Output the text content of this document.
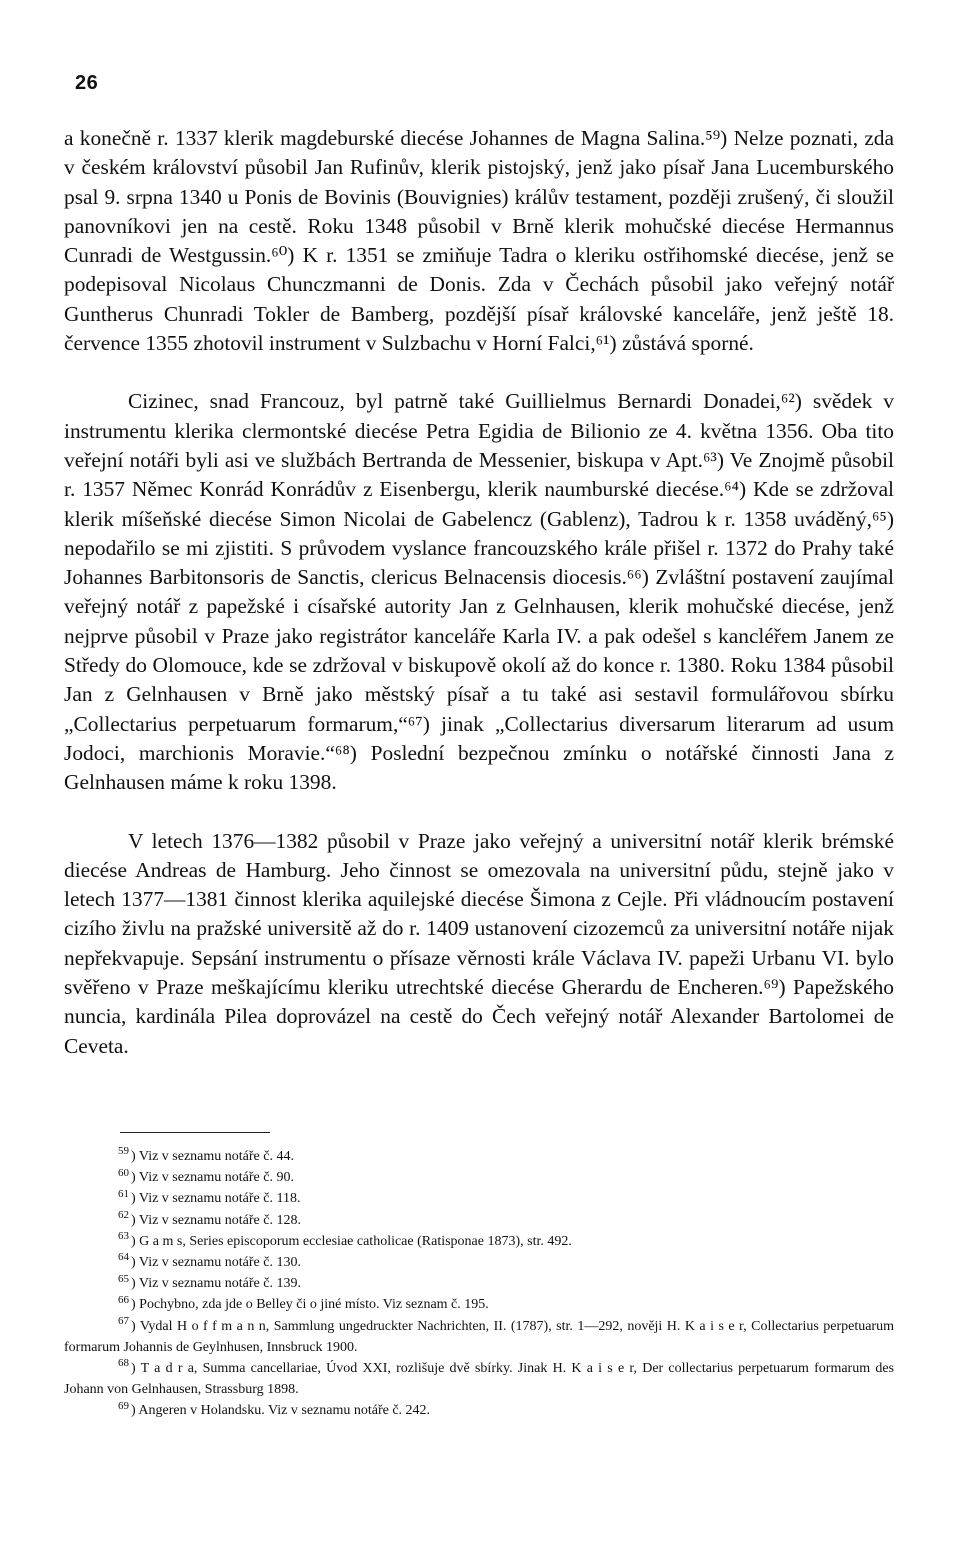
26

a konečně r. 1337 klerik magdeburské diecése Johannes de Magna Salina.⁵⁹) Nelze poznati, zda v českém království působil Jan Rufinův, klerik pistojský, jenž jako písař Jana Lucemburského psal 9. srpna 1340 u Ponis de Bovinis (Bouvignies) králův testament, později zrušený, či sloužil panovníkovi jen na cestě. Roku 1348 působil v Brně klerik mohučské diecése Hermannus Cunradi de Westgussin.⁶⁰) K r. 1351 se zmiňuje Tadra o kleriku ostřihomské diecése, jenž se podepisoval Nicolaus Chunczmanni de Donis. Zda v Čechách působil jako veřejný notář Guntherus Chunradi Tokler de Bamberg, pozdější písař královské kanceláře, jenž ještě 18. července 1355 zhotovil instrument v Sulzbachu v Horní Falci,⁶¹) zůstává sporné.

Cizinec, snad Francouz, byl patrně také Guillielmus Bernardi Donadei,⁶²) svědek v instrumentu klerika clermontské diecése Petra Egidia de Bilionio ze 4. května 1356. Oba tito veřejní notáři byli asi ve službách Bertranda de Messenier, biskupa v Apt.⁶³) Ve Znojmě působil r. 1357 Němec Konrád Konrádův z Eisenbergu, klerik naumburské diecése.⁶⁴) Kde se zdržoval klerik míšeňské diecése Simon Nicolai de Gabelencz (Gablenz), Tadrou k r. 1358 uváděný,⁶⁵) nepodařilo se mi zjistiti. S průvodem vyslance francouzského krále přišel r. 1372 do Prahy také Johannes Barbitonsoris de Sanctis, clericus Belnacensis diocesis.⁶⁶) Zvláštní postavení zaujímal veřejný notář z papežské i císařské autority Jan z Gelnhausen, klerik mohučské diecése, jenž nejprve působil v Praze jako registrátor kanceláře Karla IV. a pak odešel s kancléřem Janem ze Středy do Olomouce, kde se zdržoval v biskupově okolí až do konce r. 1380. Roku 1384 působil Jan z Gelnhausen v Brně jako městský písař a tu také asi sestavil formulářovou sbírku „Collectarius perpetuarum formarum,“⁶⁷) jinak „Collectarius diversarum literarum ad usum Jodoci, marchionis Moravie.“⁶⁸) Poslední bezpečnou zmínku o notářské činnosti Jana z Gelnhausen máme k roku 1398.

V letech 1376—1382 působil v Praze jako veřejný a universitní notář klerik brémské diecése Andreas de Hamburg. Jeho činnost se omezovala na universitní půdu, stejně jako v letech 1377—1381 činnost klerika aquilejské diecése Šimona z Cejle. Při vládnoucím postavení cizího živlu na pražské universitě až do r. 1409 ustanovení cizozemců za universitní notáře nijak nepřekvapuje. Sepsání instrumentu o přísaze věrnosti krále Václava IV. papeži Urbanu VI. bylo svěřeno v Praze meškajícímu kleriku utrechtské diecése Gherardu de Encheren.⁶⁹) Papežského nuncia, kardinála Pilea doprovázel na cestě do Čech veřejný notář Alexander Bartolomei de Ceveta.

$^{59}$ ) Viz v seznamu notáře č. 44.

$^{60}$ ) Viz v seznamu notáře č. 90.

$^{61}$ ) Viz v seznamu notáře č. 118.

$^{62}$ ) Viz v seznamu notáře č. 128.

$^{63}$ ) G a m s, Series episcoporum ecclesiae catholicae (Ratisponae 1873), str. 492.

$^{64}$ ) Viz v seznamu notáře č. 130.

$^{65}$ ) Viz v seznamu notáře č. 139.

$^{66}$ ) Pochybno, zda jde o Belley či o jiné místo. Viz seznam č. 195.

$^{67}$ ) Vydal H o f f m a n n, Sammlung ungedruckter Nachrichten, II. (1787), str. 1—292, nověji H. K a i s e r, Collectarius perpetuarum formarum Johannis de Geylnhusen, Innsbruck 1900.

$^{68}$ ) T a d r a, Summa cancellariae, Úvod XXI, rozlišuje dvě sbírky. Jinak H. K a i s e r, Der collectarius perpetuarum formarum des Johann von Gelnhausen, Strassburg 1898.

$^{69}$ ) Angeren v Holandsku. Viz v seznamu notáře č. 242.
